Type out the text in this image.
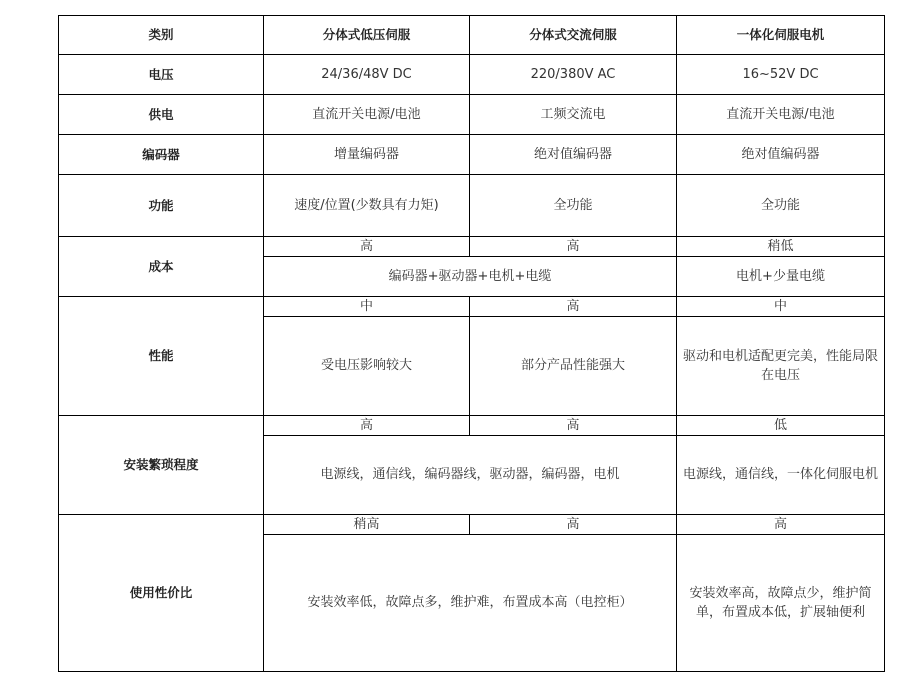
类别	分体式低压伺服	分体式交流伺服	一体化伺服电机
电压	24/36/48V DC	220/380V AC	16~52V DC
供电	直流开关电源/电池	工频交流电	直流开关电源/电池
编码器	增量编码器	绝对值编码器	绝对值编码器
功能	速度/位置(少数具有力矩)	全功能	全功能
成本	高	高	稍低
	编码器+驱动器+电机+电缆		电机+少量电缆
性能	中	高	中
	受电压影响较大	部分产品性能强大	驱动和电机适配更完美，性能局限在电压
安装繁琐程度	高	高	低
	电源线，通信线，编码器线，驱动器，编码器，电机		电源线，通信线，一体化伺服电机
使用性价比	稍高	高	高
	安装效率低，故障点多，维护难，布置成本高（电控柜）		安装效率高，故障点少，维护简单，布置成本低，扩展轴便利
